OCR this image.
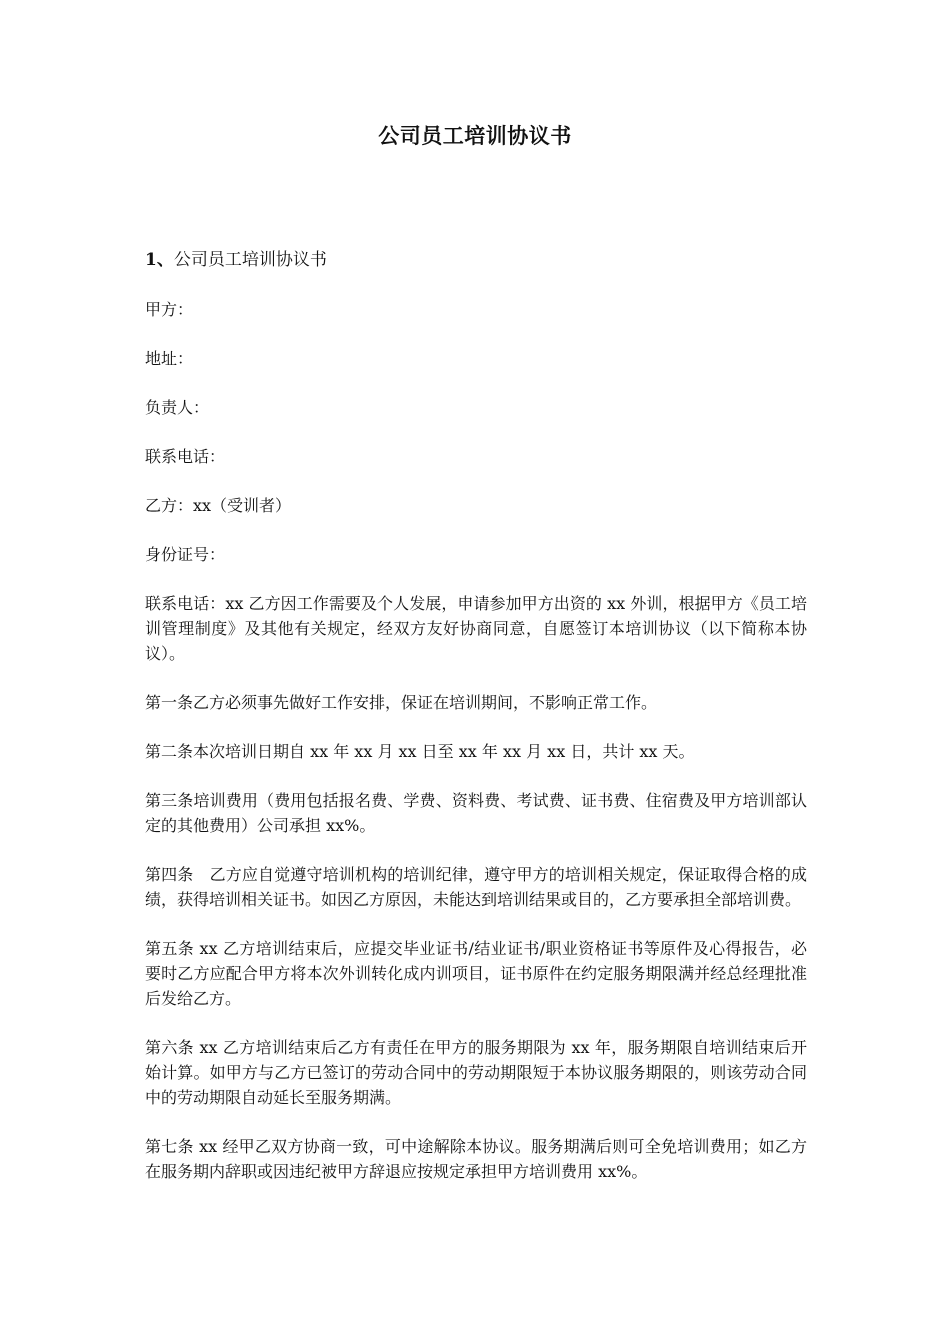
公司员工培训协议书

1、公司员工培训协议书

甲方：

地址：

负责人：

联系电话：

乙方：xx（受训者）

身份证号：

联系电话：xx 乙方因工作需要及个人发展，申请参加甲方出资的 xx 外训，根据甲方《员工培训管理制度》及其他有关规定，经双方友好协商同意，自愿签订本培训协议（以下简称本协议）。

第一条乙方必须事先做好工作安排，保证在培训期间，不影响正常工作。

第二条本次培训日期自 xx 年 xx 月 xx 日至 xx 年 xx 月 xx 日，共计 xx 天。

第三条培训费用（费用包括报名费、学费、资料费、考试费、证书费、住宿费及甲方培训部认定的其他费用）公司承担 xx%。

第四条　乙方应自觉遵守培训机构的培训纪律，遵守甲方的培训相关规定，保证取得合格的成绩，获得培训相关证书。如因乙方原因，未能达到培训结果或目的，乙方要承担全部培训费。

第五条 xx 乙方培训结束后，应提交毕业证书/结业证书/职业资格证书等原件及心得报告，必要时乙方应配合甲方将本次外训转化成内训项目，证书原件在约定服务期限满并经总经理批准后发给乙方。

第六条 xx 乙方培训结束后乙方有责任在甲方的服务期限为 xx 年，服务期限自培训结束后开始计算。如甲方与乙方已签订的劳动合同中的劳动期限短于本协议服务期限的，则该劳动合同中的劳动期限自动延长至服务期满。

第七条 xx 经甲乙双方协商一致，可中途解除本协议。服务期满后则可全免培训费用；如乙方在服务期内辞职或因违纪被甲方辞退应按规定承担甲方培训费用 xx%。
